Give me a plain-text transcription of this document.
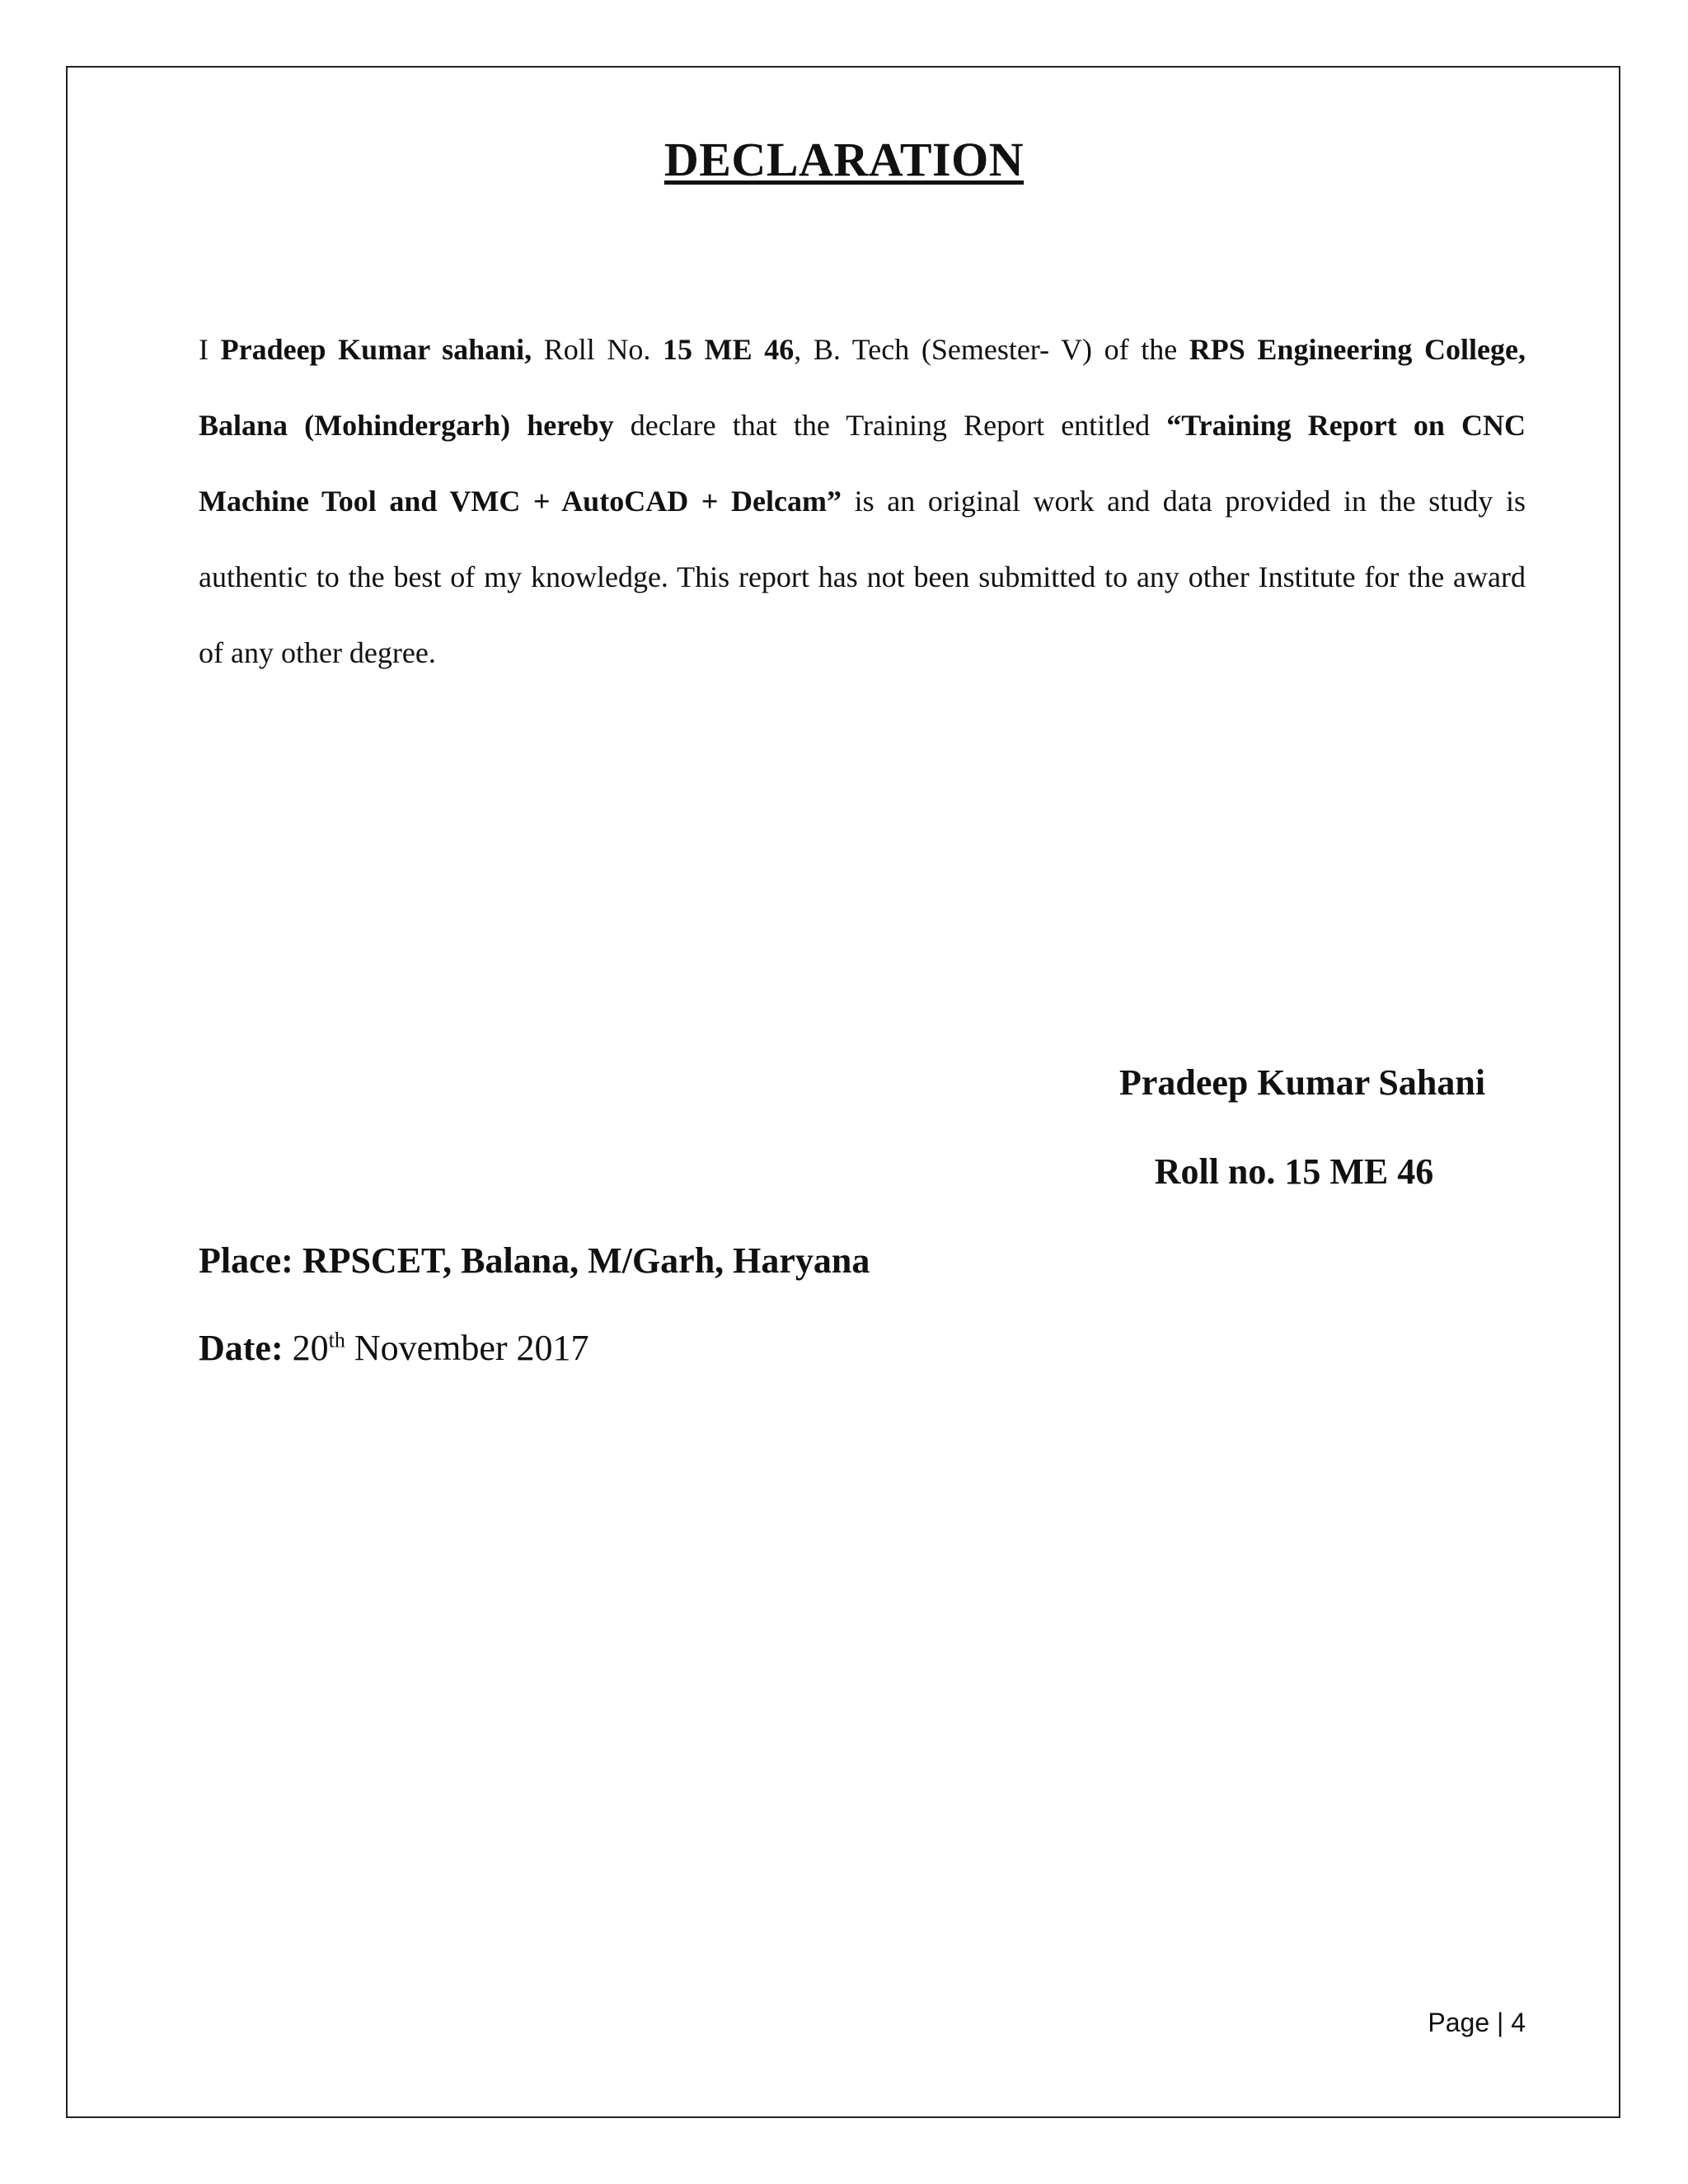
DECLARATION

I Pradeep Kumar sahani, Roll No. 15 ME 46, B. Tech (Semester- V) of the RPS Engineering College, Balana (Mohindergarh) hereby declare that the Training Report entitled “Training Report on CNC Machine Tool and VMC + AutoCAD + Delcam” is an original work and data provided in the study is authentic to the best of my knowledge. This report has not been submitted to any other Institute for the award of any other degree.

Pradeep Kumar Sahani

Roll no. 15 ME 46

Place: RPSCET, Balana, M/Garh, Haryana

Date: 20th November 2017

Page | 4
